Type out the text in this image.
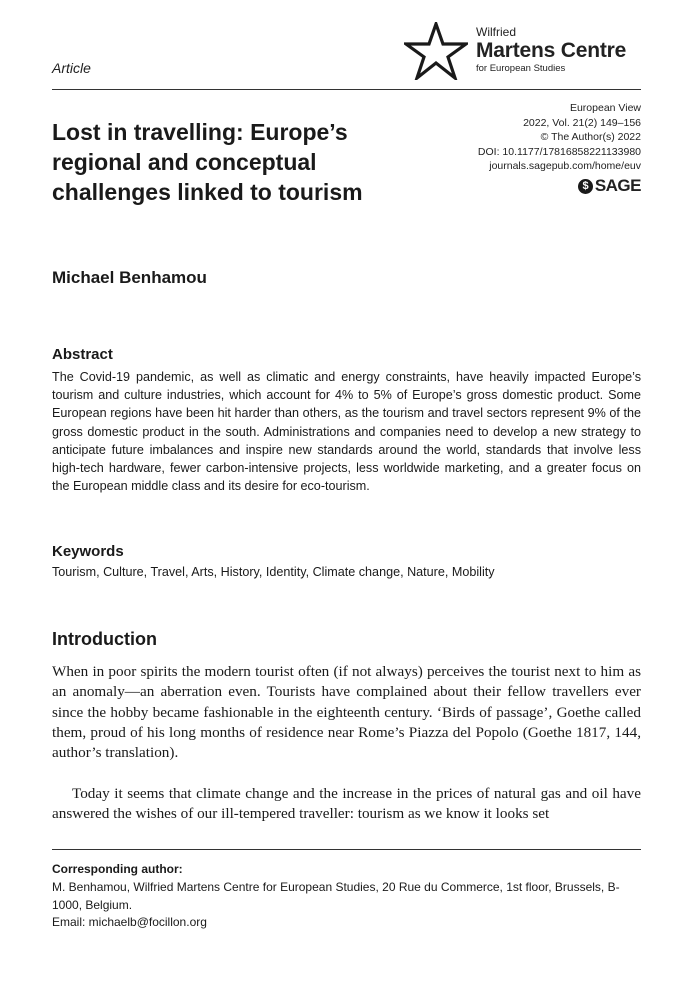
Article
Wilfried
Martens Centre
for European Studies
Lost in travelling: Europe’s regional and conceptual challenges linked to tourism
European View
2022, Vol. 21(2) 149–156
© The Author(s) 2022
DOI: 10.1177/17816858221133980
journals.sagepub.com/home/euv
$ SAGE
Michael Benhamou
Abstract
The Covid-19 pandemic, as well as climatic and energy constraints, have heavily impacted Europe’s tourism and culture industries, which account for 4% to 5% of Europe’s gross domestic product. Some European regions have been hit harder than others, as the tourism and travel sectors represent 9% of the gross domestic product in the south. Administrations and companies need to develop a new strategy to anticipate future imbalances and inspire new standards around the world, standards that involve less high-tech hardware, fewer carbon-intensive projects, less worldwide marketing, and a greater focus on the European middle class and its desire for eco-tourism.
Keywords
Tourism, Culture, Travel, Arts, History, Identity, Climate change, Nature, Mobility
Introduction
When in poor spirits the modern tourist often (if not always) perceives the tourist next to him as an anomaly—an aberration even. Tourists have complained about their fellow travellers ever since the hobby became fashionable in the eighteenth century. ‘Birds of passage’, Goethe called them, proud of his long months of residence near Rome’s Piazza del Popolo (Goethe 1817, 144, author’s translation).
Today it seems that climate change and the increase in the prices of natural gas and oil have answered the wishes of our ill-tempered traveller: tourism as we know it looks set
Corresponding author:
M. Benhamou, Wilfried Martens Centre for European Studies, 20 Rue du Commerce, 1st floor, Brussels, B-1000, Belgium.
Email: michaelb@focillon.org
